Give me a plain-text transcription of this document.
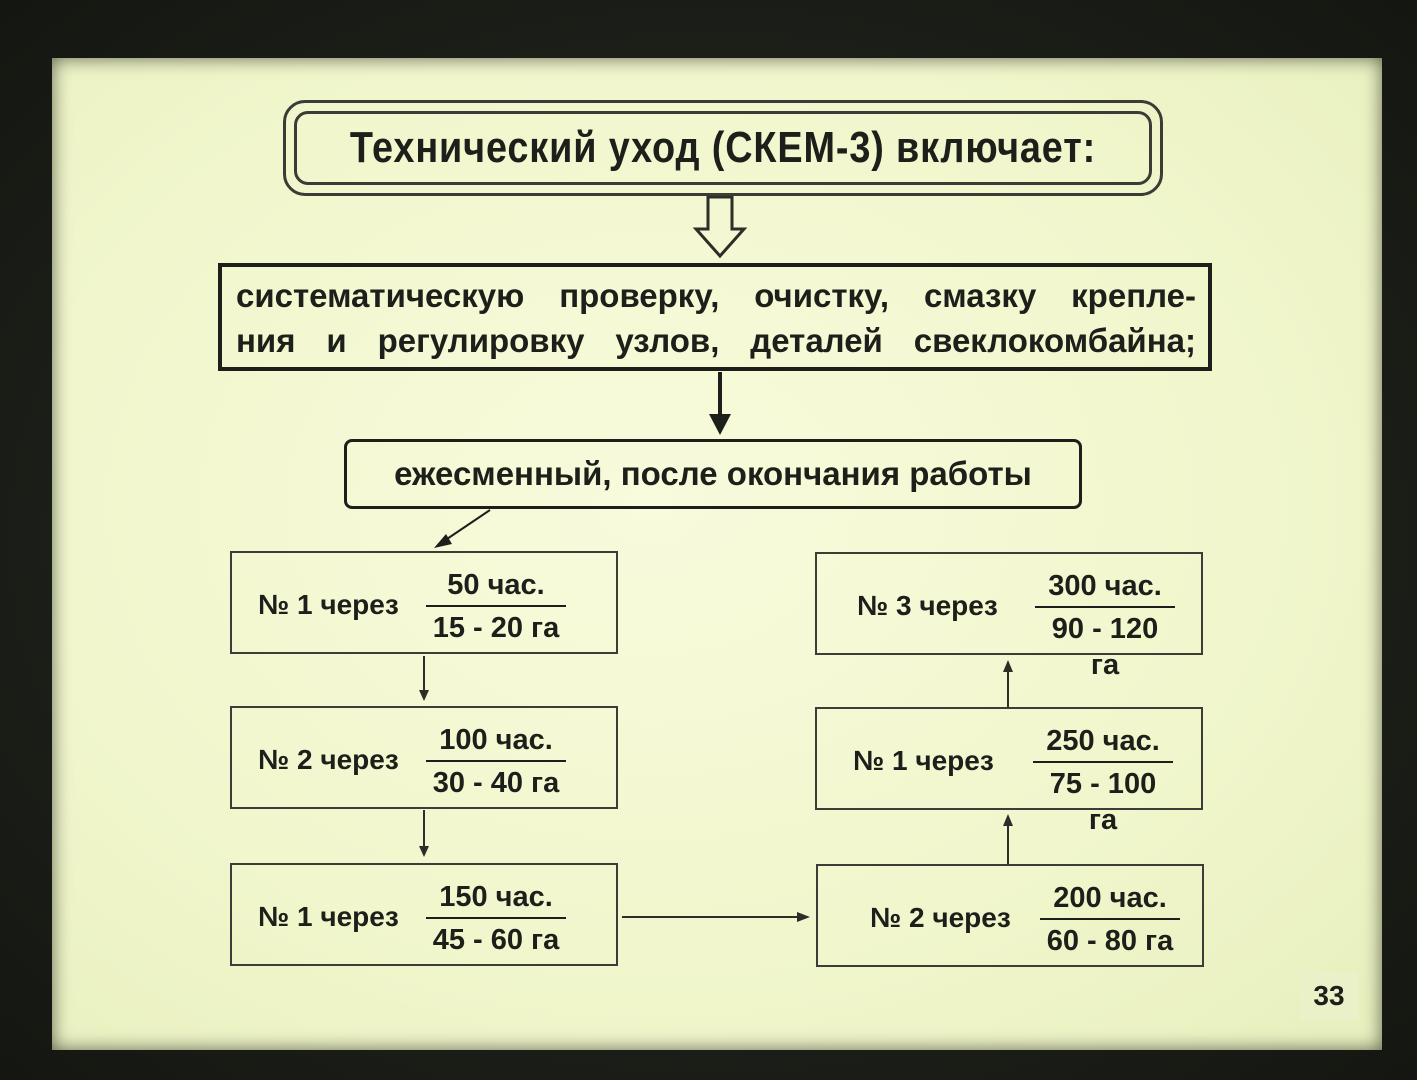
Технический уход (СКЕМ-3) включает:
систематическую проверку, очистку, смазку крепле-
ния и регулировку узлов, деталей свеклокомбайна;
ежесменный, после окончания работы
№ 1 через
50 час.
15 - 20 га
№ 2 через
100 час.
30 - 40 га
№ 1 через
150 час.
45 - 60 га
№ 2 через
200 час.
60 - 80 га
№ 1 через
250 час.
75 - 100 га
№ 3 через
300 час.
90 - 120 га
33
